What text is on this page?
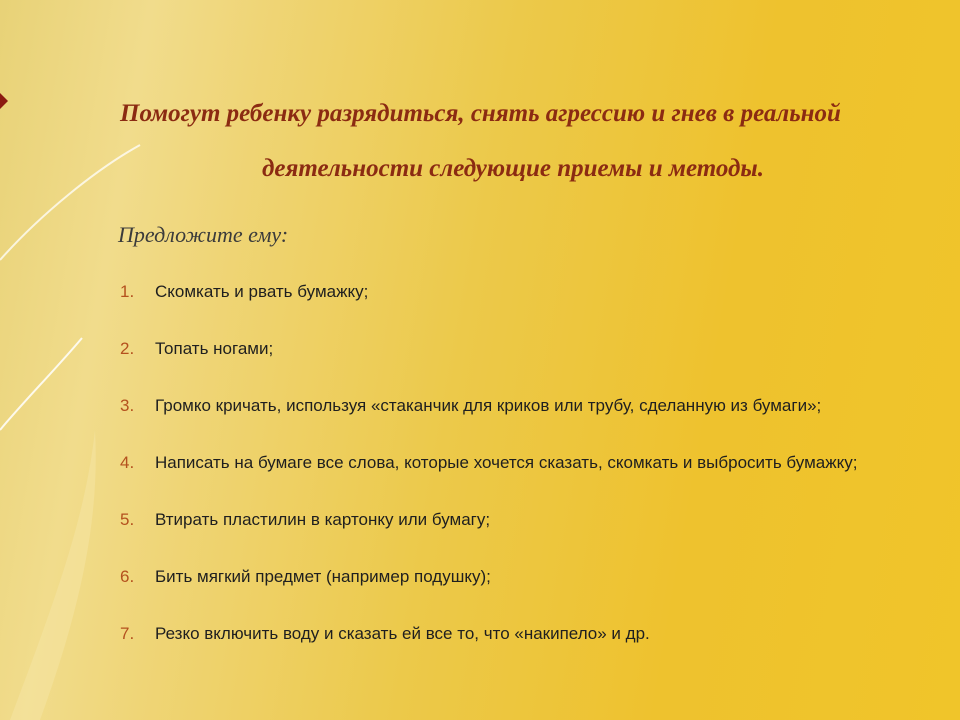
Помогут ребенку разрядиться, снять агрессию и гнев в реальной
деятельности следующие приемы и методы.
Предложите ему:
1. Скомкать и рвать бумажку;
2. Топать ногами;
3. Громко кричать, используя «стаканчик для криков или трубу, сделанную из бумаги»;
4. Написать на бумаге все слова, которые хочется сказать, скомкать и выбросить бумажку;
5. Втирать пластилин в картонку или бумагу;
6. Бить мягкий предмет (например подушку);
7. Резко включить воду и сказать ей все то, что «накипело» и др.
